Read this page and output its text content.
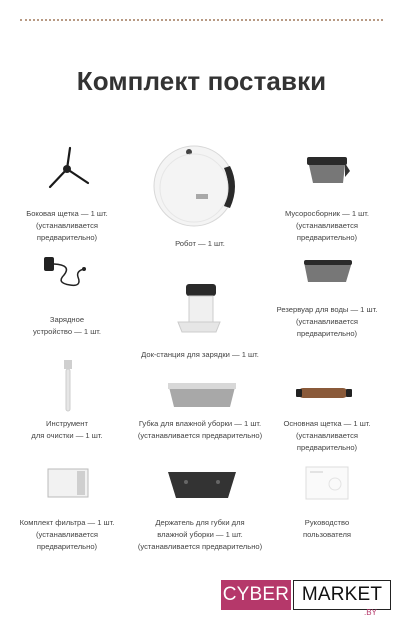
Комплект поставки
Боковая щетка — 1 шт.
(устанавливается
предварительно)
Робот — 1 шт.
Мусоросборник — 1 шт.
(устанавливается
предварительно)
Зарядное
устройство — 1 шт.
Док-станция для зарядки — 1 шт.
Резервуар для воды — 1 шт.
(устанавливается
предварительно)
Инструмент
для очистки — 1 шт.
Губка для влажной уборки — 1 шт.
(устанавливается предварительно)
Основная щетка — 1 шт.
(устанавливается
предварительно)
Комплект фильтра — 1 шт.
(устанавливается
предварительно)
Держатель для губки для
влажной уборки — 1 шт.
(устанавливается предварительно)
Руководство
пользователя
CYBER MARKET
.BY
